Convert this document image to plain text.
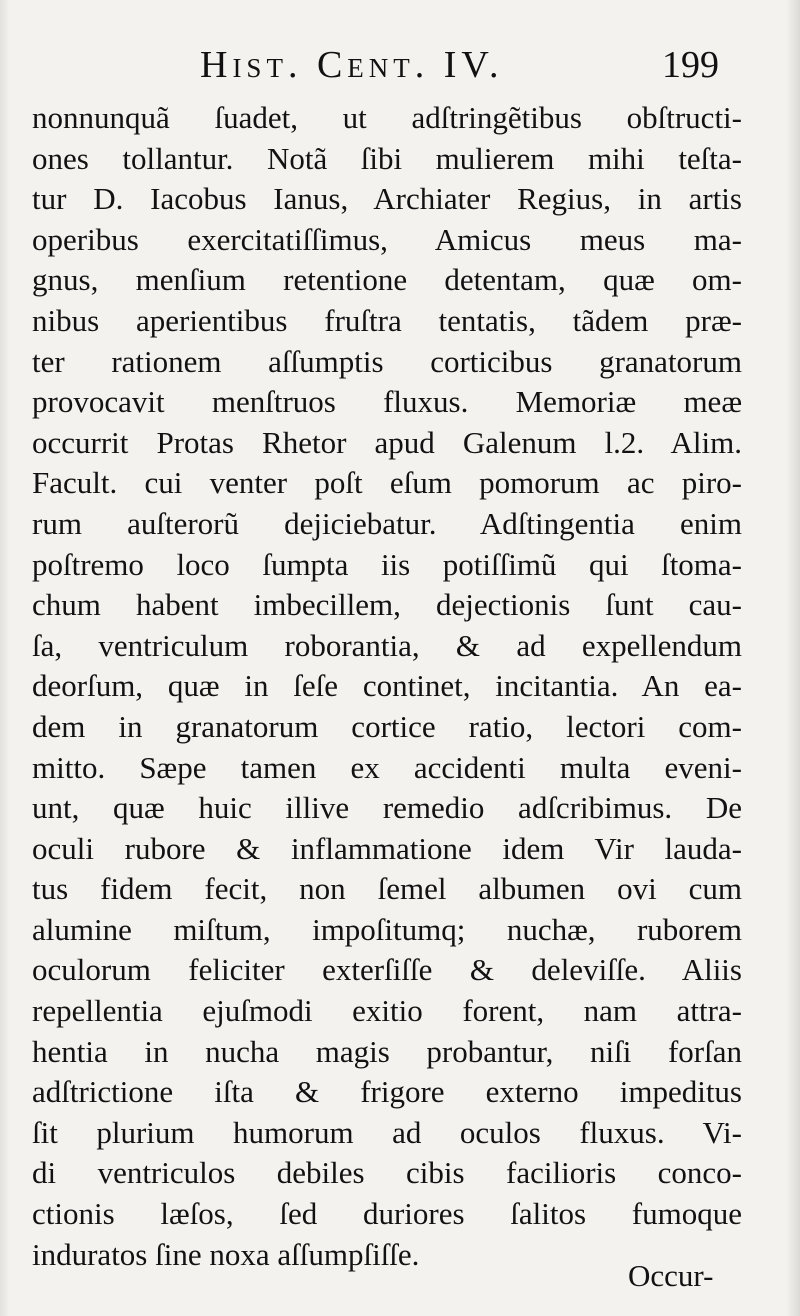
Hist. Cent. IV.	199
nonnunquã ſuadet, ut adſtringẽtibus obſtructi-
ones tollantur. Notã ſibi mulierem mihi teſta-
tur D. Iacobus Ianus, Archiater Regius, in artis
operibus exercitatiſſimus, Amicus meus ma-
gnus, menſium retentione detentam, quæ om-
nibus aperientibus fruſtra tentatis, tãdem præ-
ter rationem aſſumptis corticibus granatorum
provocavit menſtruos fluxus. Memoriæ meæ
occurrit Protas Rhetor apud Galenum l.2. Alim.
Facult. cui venter poſt eſum pomorum ac piro-
rum auſterorũ dejiciebatur. Adſtingentia enim
poſtremo loco ſumpta iis potiſſimũ qui ſtoma-
chum habent imbecillem, dejectionis ſunt cau-
ſa, ventriculum roborantia, & ad expellendum
deorſum, quæ in ſeſe continet, incitantia. An ea-
dem in granatorum cortice ratio, lectori com-
mitto. Sæpe tamen ex accidenti multa eveni-
unt, quæ huic illive remedio adſcribimus. De
oculi rubore & inflammatione idem Vir lauda-
tus fidem fecit, non ſemel albumen ovi cum
alumine miſtum, impoſitumq; nuchæ, ruborem
oculorum feliciter exterſiſſe & deleviſſe. Aliis
repellentia ejuſmodi exitio forent, nam attra-
hentia in nucha magis probantur, niſi forſan
adſtrictione iſta & frigore externo impeditus
ſit plurium humorum ad oculos fluxus. Vi-
di ventriculos debiles cibis facilioris conco-
ctionis læſos, ſed duriores ſalitos fumoque
induratos ſine noxa aſſumpſiſſe.
Occur-
